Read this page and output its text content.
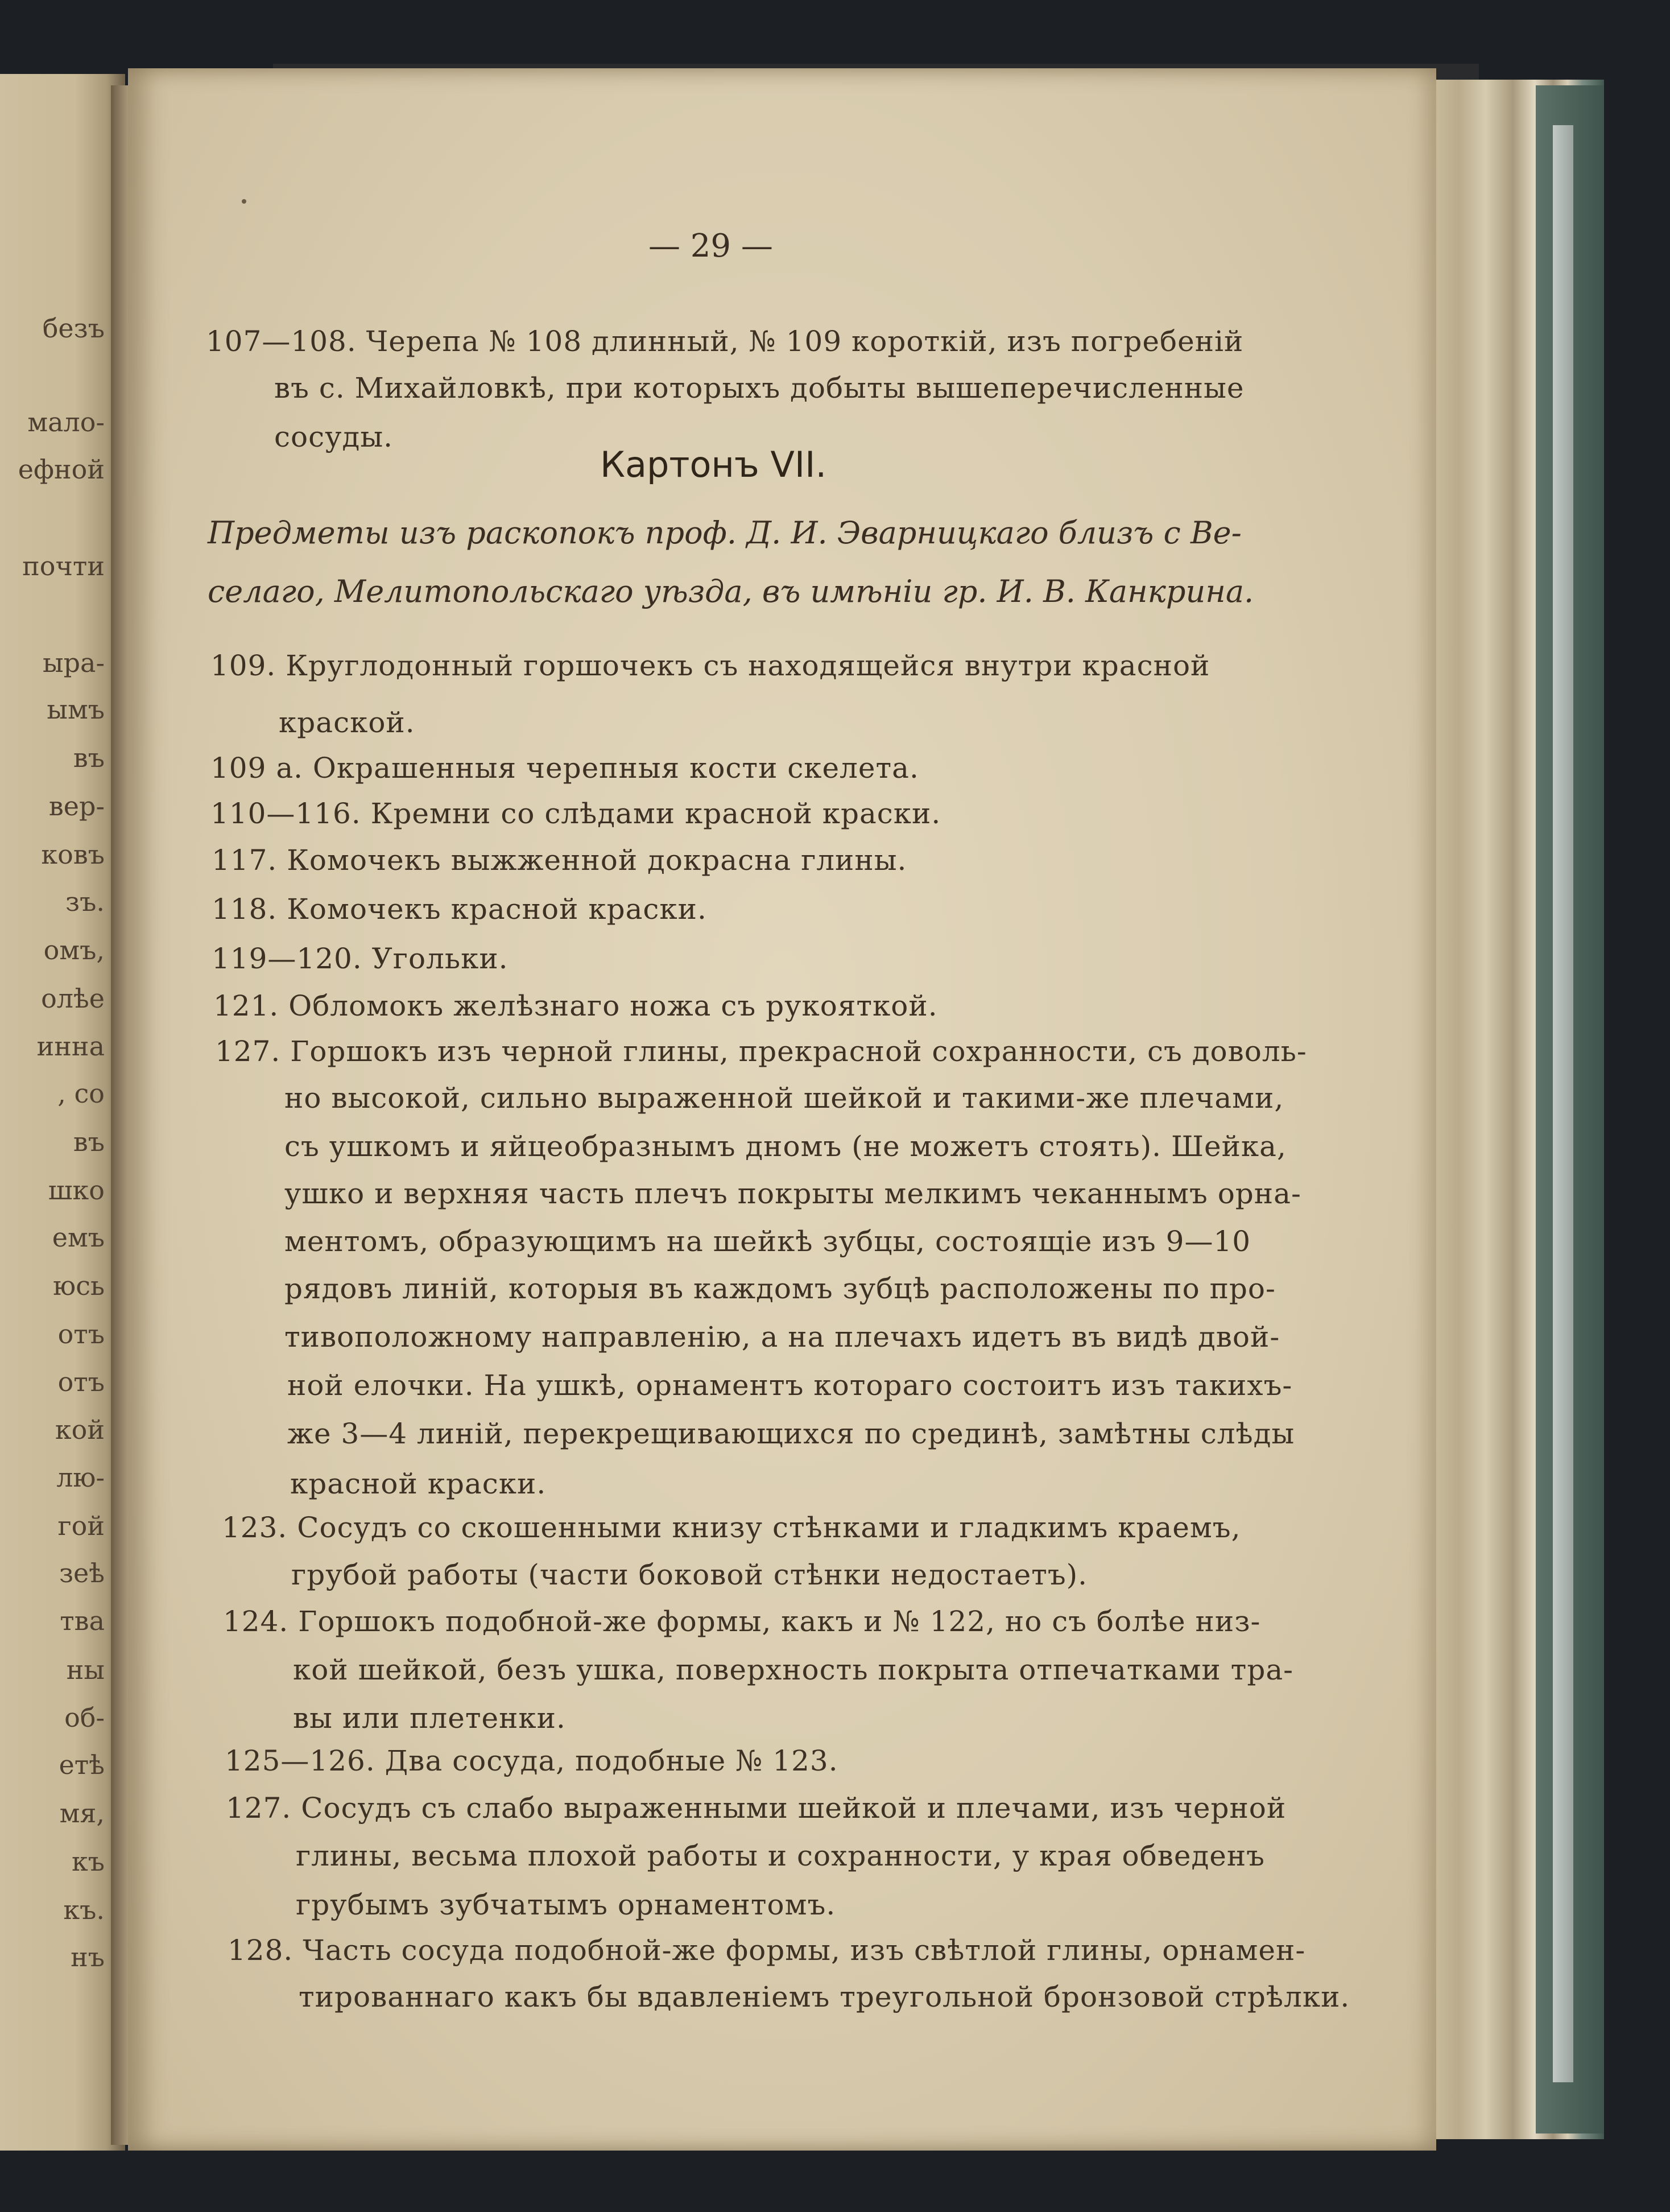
безъ
мало-
ефной
почти
ыра-
ымъ
въ
вер-
ковъ
зъ.
омъ,
олѣе
инна
, со
въ
шко
емъ
юсь
отъ
отъ
кой
лю-
гой
зеѣ
тва
ны
об-
етѣ
мя,
къ
къ.
нъ
— 29 —
107—108. Черепа № 108 длинный, № 109 короткій, изъ погребеній
въ с. Михайловкѣ, при которыхъ добыты вышеперечисленные
сосуды.
Картонъ VII.
Предметы изъ раскопокъ проф. Д. И. Эварницкаго близъ с Ве-
селаго, Мелитопольскаго уѣзда, въ имѣніи гр. И. В. Канкрина.
109. Круглодонный горшочекъ съ находящейся внутри красной
краской.
109 а. Окрашенныя черепныя кости скелета.
110—116. Кремни со слѣдами красной краски.
117. Комочекъ выжженной докрасна глины.
118. Комочекъ красной краски.
119—120. Угольки.
121. Обломокъ желѣзнаго ножа съ рукояткой.
127. Горшокъ изъ черной глины, прекрасной сохранности, съ доволь-
но высокой, сильно выраженной шейкой и такими-же плечами,
съ ушкомъ и яйцеобразнымъ дномъ (не можетъ стоять). Шейка,
ушко и верхняя часть плечъ покрыты мелкимъ чеканнымъ орна-
ментомъ, образующимъ на шейкѣ зубцы, состоящіе изъ 9—10
рядовъ линій, которыя въ каждомъ зубцѣ расположены по про-
тивоположному направленію, а на плечахъ идетъ въ видѣ двой-
ной елочки. На ушкѣ, орнаментъ котораго состоитъ изъ такихъ-
же 3—4 линій, перекрещивающихся по срединѣ, замѣтны слѣды
красной краски.
123. Сосудъ со скошенными книзу стѣнками и гладкимъ краемъ,
грубой работы (части боковой стѣнки недостаетъ).
124. Горшокъ подобной-же формы, какъ и № 122, но съ болѣе низ-
кой шейкой, безъ ушка, поверхность покрыта отпечатками тра-
вы или плетенки.
125—126. Два сосуда, подобные № 123.
127. Сосудъ съ слабо выраженными шейкой и плечами, изъ черной
глины, весьма плохой работы и сохранности, у края обведенъ
грубымъ зубчатымъ орнаментомъ.
128. Часть сосуда подобной-же формы, изъ свѣтлой глины, орнамен-
тированнаго какъ бы вдавленіемъ треугольной бронзовой стрѣлки.
